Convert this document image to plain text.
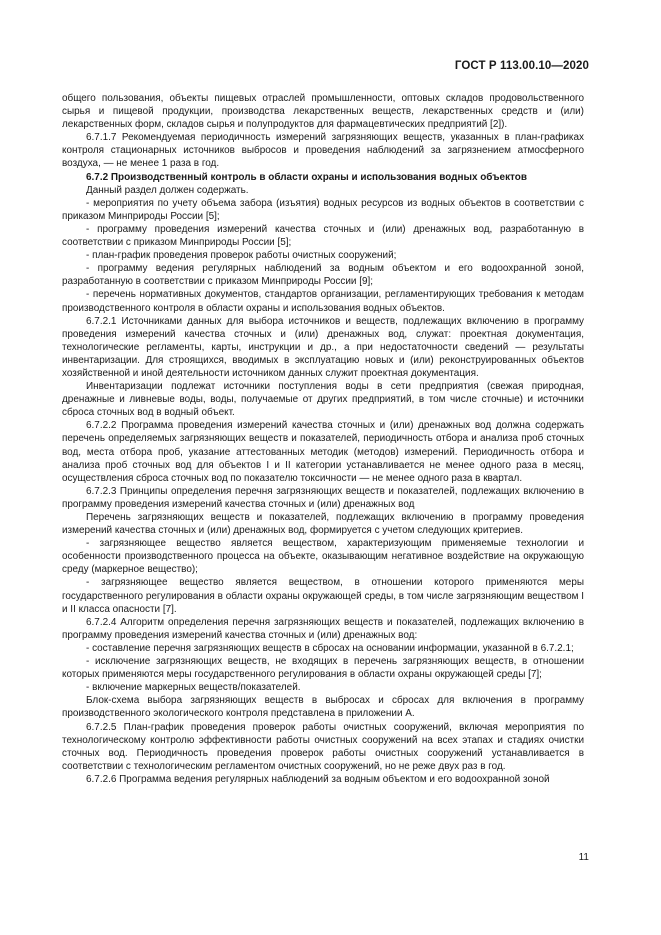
ГОСТ Р 113.00.10—2020

общего пользования, объекты пищевых отраслей промышленности, оптовых складов продовольственного сырья и пищевой продукции, производства лекарственных веществ, лекарственных средств и (или) лекарственных форм, складов сырья и полупродуктов для фармацевтических предприятий [2]).

6.7.1.7 Рекомендуемая периодичность измерений загрязняющих веществ, указанных в план-графиках контроля стационарных источников выбросов и проведения наблюдений за загрязнением атмосферного воздуха, — не менее 1 раза в год.

6.7.2 Производственный контроль в области охраны и использования водных объектов

Данный раздел должен содержать.

- мероприятия по учету объема забора (изъятия) водных ресурсов из водных объектов в соответствии с приказом Минприроды России [5];

- программу проведения измерений качества сточных и (или) дренажных вод, разработанную в соответствии с приказом Минприроды России [5];

- план-график проведения проверок работы очистных сооружений;

- программу ведения регулярных наблюдений за водным объектом и его водоохранной зоной, разработанную в соответствии с приказом Минприроды России [9];

- перечень нормативных документов, стандартов организации, регламентирующих требования к методам производственного контроля в области охраны и использования водных объектов.

6.7.2.1 Источниками данных для выбора источников и веществ, подлежащих включению в программу проведения измерений качества сточных и (или) дренажных вод, служат: проектная документация, технологические регламенты, карты, инструкции и др., а при недостаточности сведений — результаты инвентаризации. Для строящихся, вводимых в эксплуатацию новых и (или) реконструированных объектов хозяйственной и иной деятельности источником данных служит проектная документация.

Инвентаризации подлежат источники поступления воды в сети предприятия (свежая природная, дренажные и ливневые воды, воды, получаемые от других предприятий, в том числе сточные) и источники сброса сточных вод в водный объект.

6.7.2.2 Программа проведения измерений качества сточных и (или) дренажных вод должна содержать перечень определяемых загрязняющих веществ и показателей, периодичность отбора и анализа проб сточных вод, места отбора проб, указание аттестованных методик (методов) измерений. Периодичность отбора и анализа проб сточных вод для объектов I и II категории устанавливается не менее одного раза в месяц, осуществления сброса сточных вод по показателю токсичности — не менее одного раза в квартал.

6.7.2.3 Принципы определения перечня загрязняющих веществ и показателей, подлежащих включению в программу проведения измерений качества сточных и (или) дренажных вод

Перечень загрязняющих веществ и показателей, подлежащих включению в программу проведения измерений качества сточных и (или) дренажных вод, формируется с учетом следующих критериев.

- загрязняющее вещество является веществом, характеризующим применяемые технологии и особенности производственного процесса на объекте, оказывающим негативное воздействие на окружающую среду (маркерное вещество);

- загрязняющее вещество является веществом, в отношении которого применяются меры государственного регулирования в области охраны окружающей среды, в том числе загрязняющим веществом I и II класса опасности [7].

6.7.2.4 Алгоритм определения перечня загрязняющих веществ и показателей, подлежащих включению в программу проведения измерений качества сточных и (или) дренажных вод:

- составление перечня загрязняющих веществ в сбросах на основании информации, указанной в 6.7.2.1;

- исключение загрязняющих веществ, не входящих в перечень загрязняющих веществ, в отношении которых применяются меры государственного регулирования в области охраны окружающей среды [7];

- включение маркерных веществ/показателей.

Блок-схема выбора загрязняющих веществ в выбросах и сбросах для включения в программу производственного экологического контроля представлена в приложении А.

6.7.2.5 План-график проведения проверок работы очистных сооружений, включая мероприятия по технологическому контролю эффективности работы очистных сооружений на всех этапах и стадиях очистки сточных вод. Периодичность проведения проверок работы очистных сооружений устанавливается в соответствии с технологическим регламентом очистных сооружений, но не реже двух раз в год.

6.7.2.6 Программа ведения регулярных наблюдений за водным объектом и его водоохранной зоной

11
